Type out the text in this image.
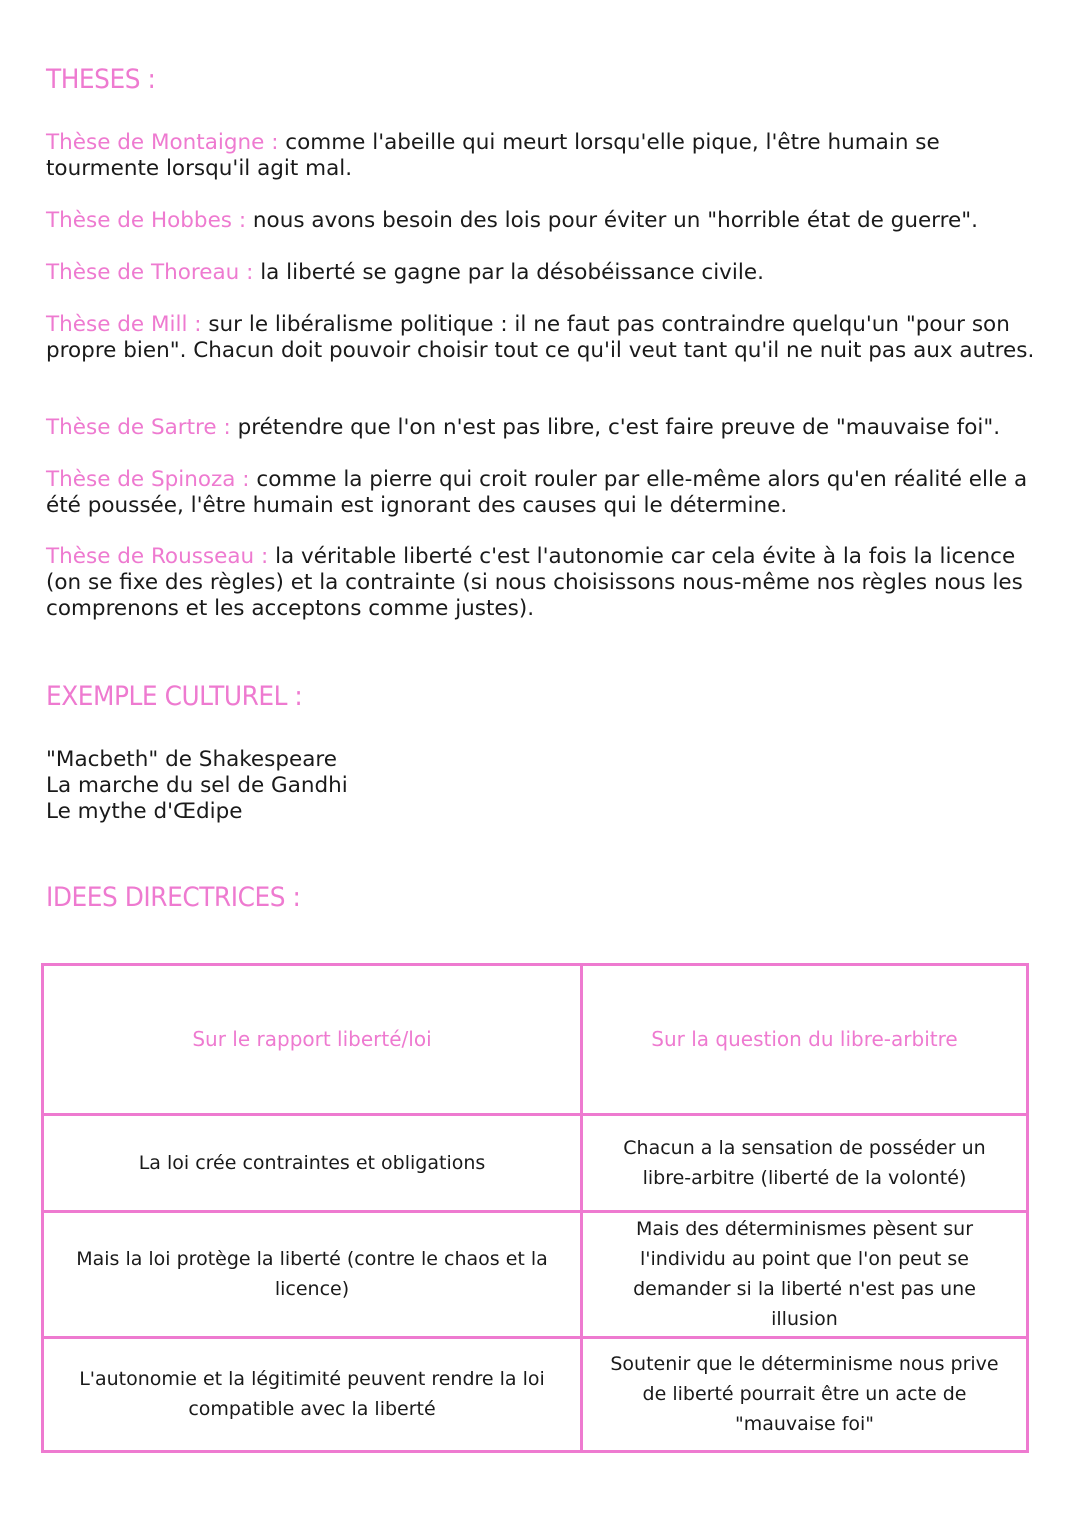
THESES :

Thèse de Montaigne : comme l'abeille qui meurt lorsqu'elle pique, l'être humain se tourmente lorsqu'il agit mal.

Thèse de Hobbes : nous avons besoin des lois pour éviter un "horrible état de guerre".

Thèse de Thoreau : la liberté se gagne par la désobéissance civile.

Thèse de Mill : sur le libéralisme politique : il ne faut pas contraindre quelqu'un "pour son propre bien". Chacun doit pouvoir choisir tout ce qu'il veut tant qu'il ne nuit pas aux autres.

Thèse de Sartre : prétendre que l'on n'est pas libre, c'est faire preuve de "mauvaise foi".

Thèse de Spinoza : comme la pierre qui croit rouler par elle-même alors qu'en réalité elle a été poussée, l'être humain est ignorant des causes qui le détermine.

Thèse de Rousseau : la véritable liberté c'est l'autonomie car cela évite à la fois la licence (on se fixe des règles) et la contrainte (si nous choisissons nous-même nos règles nous les comprenons et les acceptons comme justes).

EXEMPLE CULTUREL :
"Macbeth" de Shakespeare
La marche du sel de Gandhi
Le mythe d'Œdipe
IDEES DIRECTRICES :
Sur le rapport liberté/loi	Sur la question du libre-arbitre
La loi crée contraintes et obligations	Chacun a la sensation de posséder un libre-arbitre (liberté de la volonté)
Mais la loi protège la liberté (contre le chaos et la licence)	Mais des déterminismes pèsent sur l'individu au point que l'on peut se demander si la liberté n'est pas une illusion
L'autonomie et la légitimité peuvent rendre la loi compatible avec la liberté	Soutenir que le déterminisme nous prive de liberté pourrait être un acte de "mauvaise foi"
